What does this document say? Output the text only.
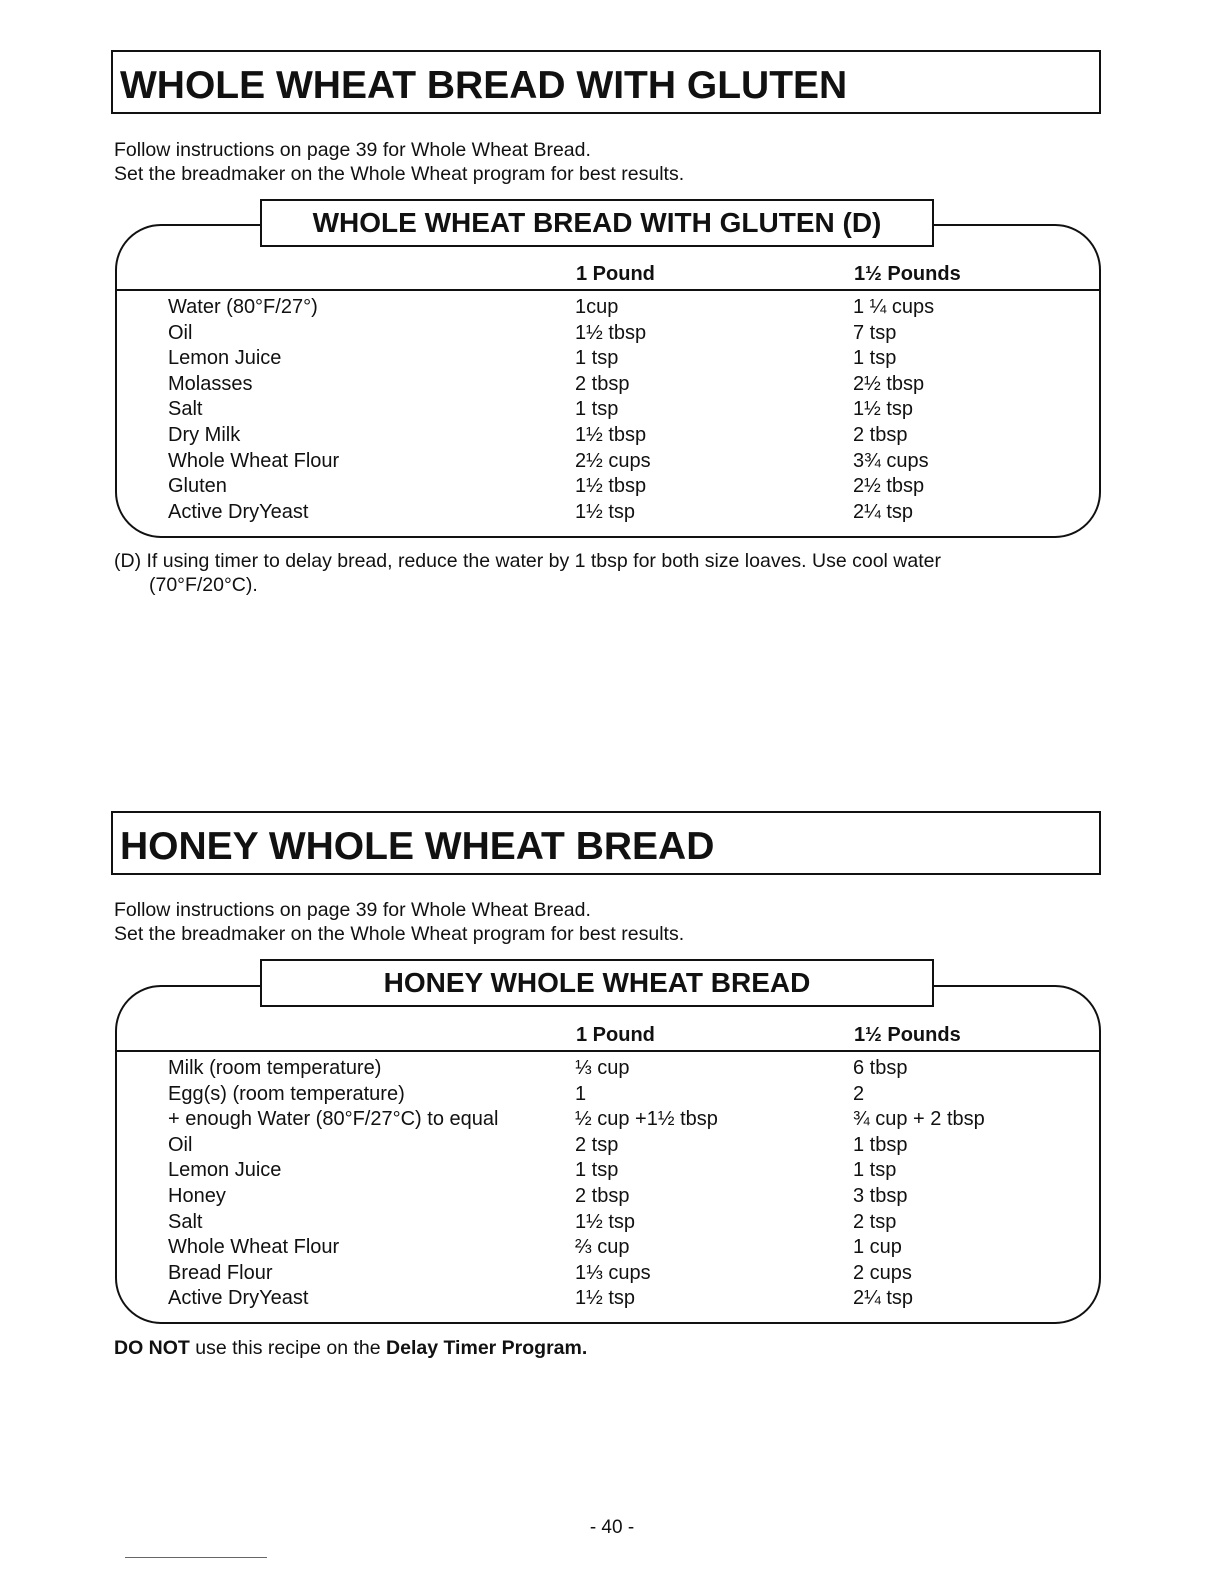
WHOLE WHEAT BREAD WITH GLUTEN
Follow instructions on page 39 for Whole Wheat Bread.
Set the breadmaker on the Whole Wheat program for best results.
WHOLE WHEAT BREAD WITH GLUTEN (D)
1 Pound	1½ Pounds
Water (80°F/27°)	1cup	1 ¼ cups
Oil	1½ tbsp	7 tsp
Lemon Juice	1 tsp	1 tsp
Molasses	2 tbsp	2½ tbsp
Salt	1 tsp	1½ tsp
Dry Milk	1½ tbsp	2 tbsp
Whole Wheat Flour	2½ cups	3¾ cups
Gluten	1½ tbsp	2½ tbsp
Active DryYeast	1½ tsp	2¼ tsp
(D) If using timer to delay bread, reduce the water by 1 tbsp for both size loaves. Use cool water
(70°F/20°C).
HONEY WHOLE WHEAT BREAD
Follow instructions on page 39 for Whole Wheat Bread.
Set the breadmaker on the Whole Wheat program for best results.
HONEY WHOLE WHEAT BREAD
1 Pound	1½ Pounds
Milk (room temperature)	⅓ cup	6 tbsp
Egg(s) (room temperature)	1	2
+ enough Water (80°F/27°C) to equal	½ cup +1½ tbsp	¾ cup + 2 tbsp
Oil	2 tsp	1 tbsp
Lemon Juice	1 tsp	1 tsp
Honey	2 tbsp	3 tbsp
Salt	1½ tsp	2 tsp
Whole Wheat Flour	⅔ cup	1 cup
Bread Flour	1⅓ cups	2 cups
Active DryYeast	1½ tsp	2¼ tsp
DO NOT use this recipe on the Delay Timer Program.
- 40 -
